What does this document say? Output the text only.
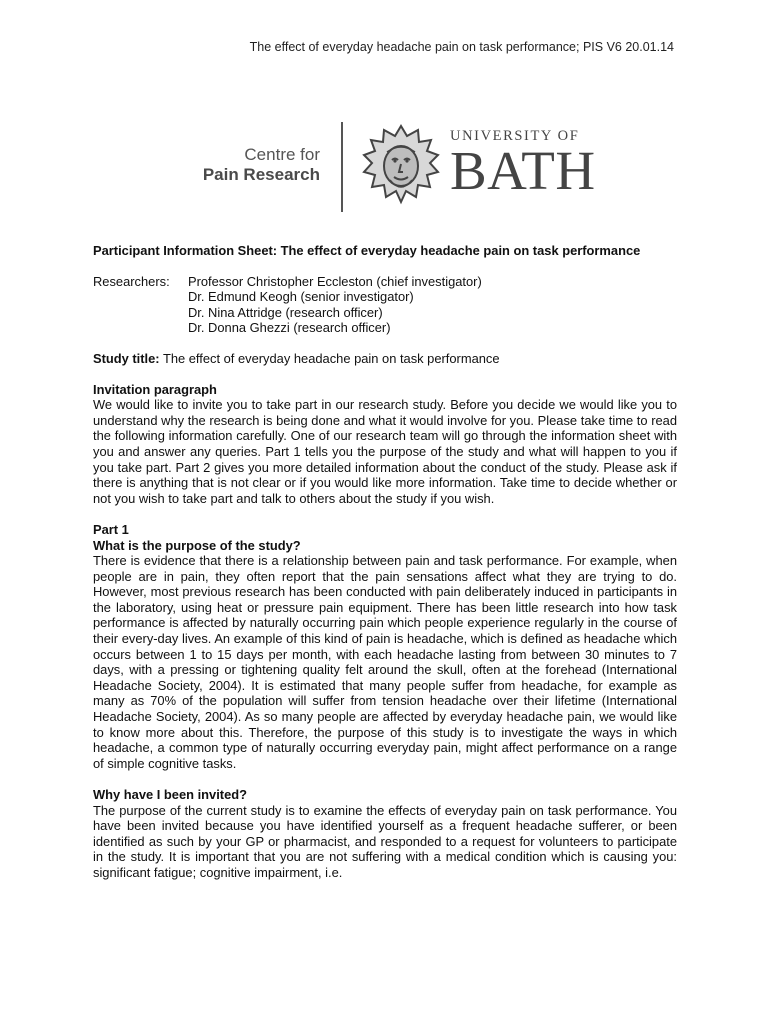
The effect of everyday headache pain on task performance; PIS V6 20.01.14
Centre for
Pain Research
UNIVERSITY OF
BATH
Participant Information Sheet: The effect of everyday headache pain on task performance
Researchers:	Professor Christopher Eccleston (chief investigator)
Dr. Edmund Keogh (senior investigator)
Dr. Nina Attridge (research officer)
Dr. Donna Ghezzi (research officer)
Study title: The effect of everyday headache pain on task performance
Invitation paragraph

We would like to invite you to take part in our research study. Before you decide we would like you to understand why the research is being done and what it would involve for you. Please take time to read the following information carefully. One of our research team will go through the information sheet with you and answer any queries. Part 1 tells you the purpose of the study and what will happen to you if you take part. Part 2 gives you more detailed information about the conduct of the study. Please ask if there is anything that is not clear or if you would like more information. Take time to decide whether or not you wish to take part and talk to others about the study if you wish.

Part 1
What is the purpose of the study?

There is evidence that there is a relationship between pain and task performance. For example, when people are in pain, they often report that the pain sensations affect what they are trying to do. However, most previous research has been conducted with pain deliberately induced in participants in the laboratory, using heat or pressure pain equipment. There has been little research into how task performance is affected by naturally occurring pain which people experience regularly in the course of their every-day lives. An example of this kind of pain is headache, which is defined as headache which occurs between 1 to 15 days per month, with each headache lasting from between 30 minutes to 7 days, with a pressing or tightening quality felt around the skull, often at the forehead (International Headache Society, 2004). It is estimated that many people suffer from headache, for example as many as 70% of the population will suffer from tension headache over their lifetime (International Headache Society, 2004). As so many people are affected by everyday headache pain, we would like to know more about this. Therefore, the purpose of this study is to investigate the ways in which headache, a common type of naturally occurring everyday pain, might affect performance on a range of simple cognitive tasks.

Why have I been invited?

The purpose of the current study is to examine the effects of everyday pain on task performance. You have been invited because you have identified yourself as a frequent headache sufferer, or been identified as such by your GP or pharmacist, and responded to a request for volunteers to participate in the study. It is important that you are not suffering with a medical condition which is causing you: significant fatigue; cognitive impairment, i.e.
